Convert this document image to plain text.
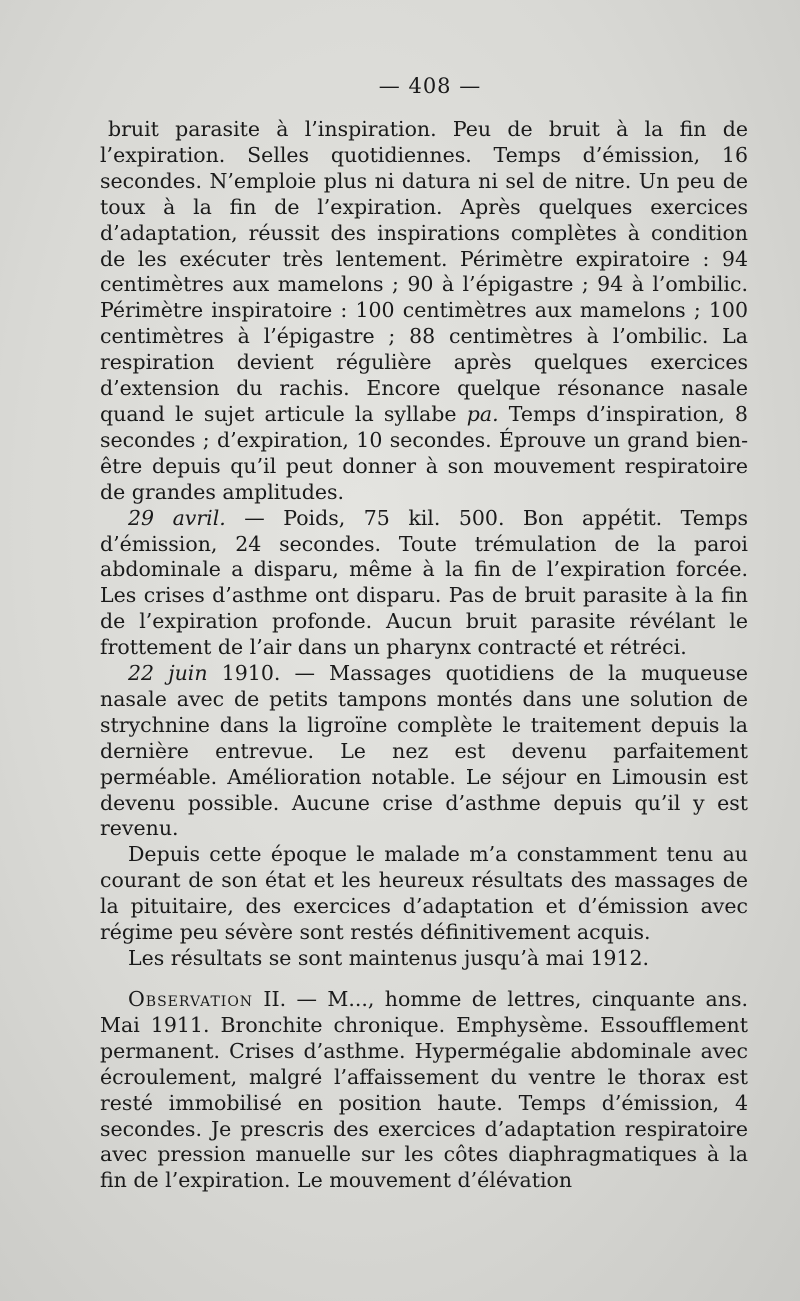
— 408 —

bruit parasite à l’inspiration. Peu de bruit à la fin de l’expiration. Selles quotidiennes. Temps d’émission, 16 secondes. N’emploie plus ni datura ni sel de nitre. Un peu de toux à la fin de l’expiration. Après quelques exercices d’adaptation, réussit des inspirations complètes à condition de les exécuter très lentement. Périmètre expiratoire : 94 centimètres aux mamelons ; 90 à l’épigastre ; 94 à l’ombilic. Périmètre inspiratoire : 100 centimètres aux mamelons ; 100 centimètres à l’épigastre ; 88 centimètres à l’ombilic. La respiration devient régulière après quelques exercices d’extension du rachis. Encore quelque résonance nasale quand le sujet articule la syllabe pa. Temps d’inspiration, 8 secondes ; d’expiration, 10 secondes. Éprouve un grand bien-être depuis qu’il peut donner à son mouvement respiratoire de grandes amplitudes.

29 avril. — Poids, 75 kil. 500. Bon appétit. Temps d’émission, 24 secondes. Toute trémulation de la paroi abdominale a disparu, même à la fin de l’expiration forcée. Les crises d’asthme ont disparu. Pas de bruit parasite à la fin de l’expiration profonde. Aucun bruit parasite révélant le frottement de l’air dans un pharynx contracté et rétréci.

22 juin 1910. — Massages quotidiens de la muqueuse nasale avec de petits tampons montés dans une solution de strychnine dans la ligroïne complète le traitement depuis la dernière entrevue. Le nez est devenu parfaitement perméable. Amélioration notable. Le séjour en Limousin est devenu possible. Aucune crise d’asthme depuis qu’il y est revenu.

Depuis cette époque le malade m’a constamment tenu au courant de son état et les heureux résultats des massages de la pituitaire, des exercices d’adaptation et d’émission avec régime peu sévère sont restés définitivement acquis.

Les résultats se sont maintenus jusqu’à mai 1912.

Observation II. — M..., homme de lettres, cinquante ans. Mai 1911. Bronchite chronique. Emphysème. Essoufflement permanent. Crises d’asthme. Hypermégalie abdominale avec écroulement, malgré l’affaissement du ventre le thorax est resté immobilisé en position haute. Temps d’émission, 4 secondes. Je prescris des exercices d’adaptation respiratoire avec pression manuelle sur les côtes diaphragmatiques à la fin de l’expiration. Le mouvement d’élévation
